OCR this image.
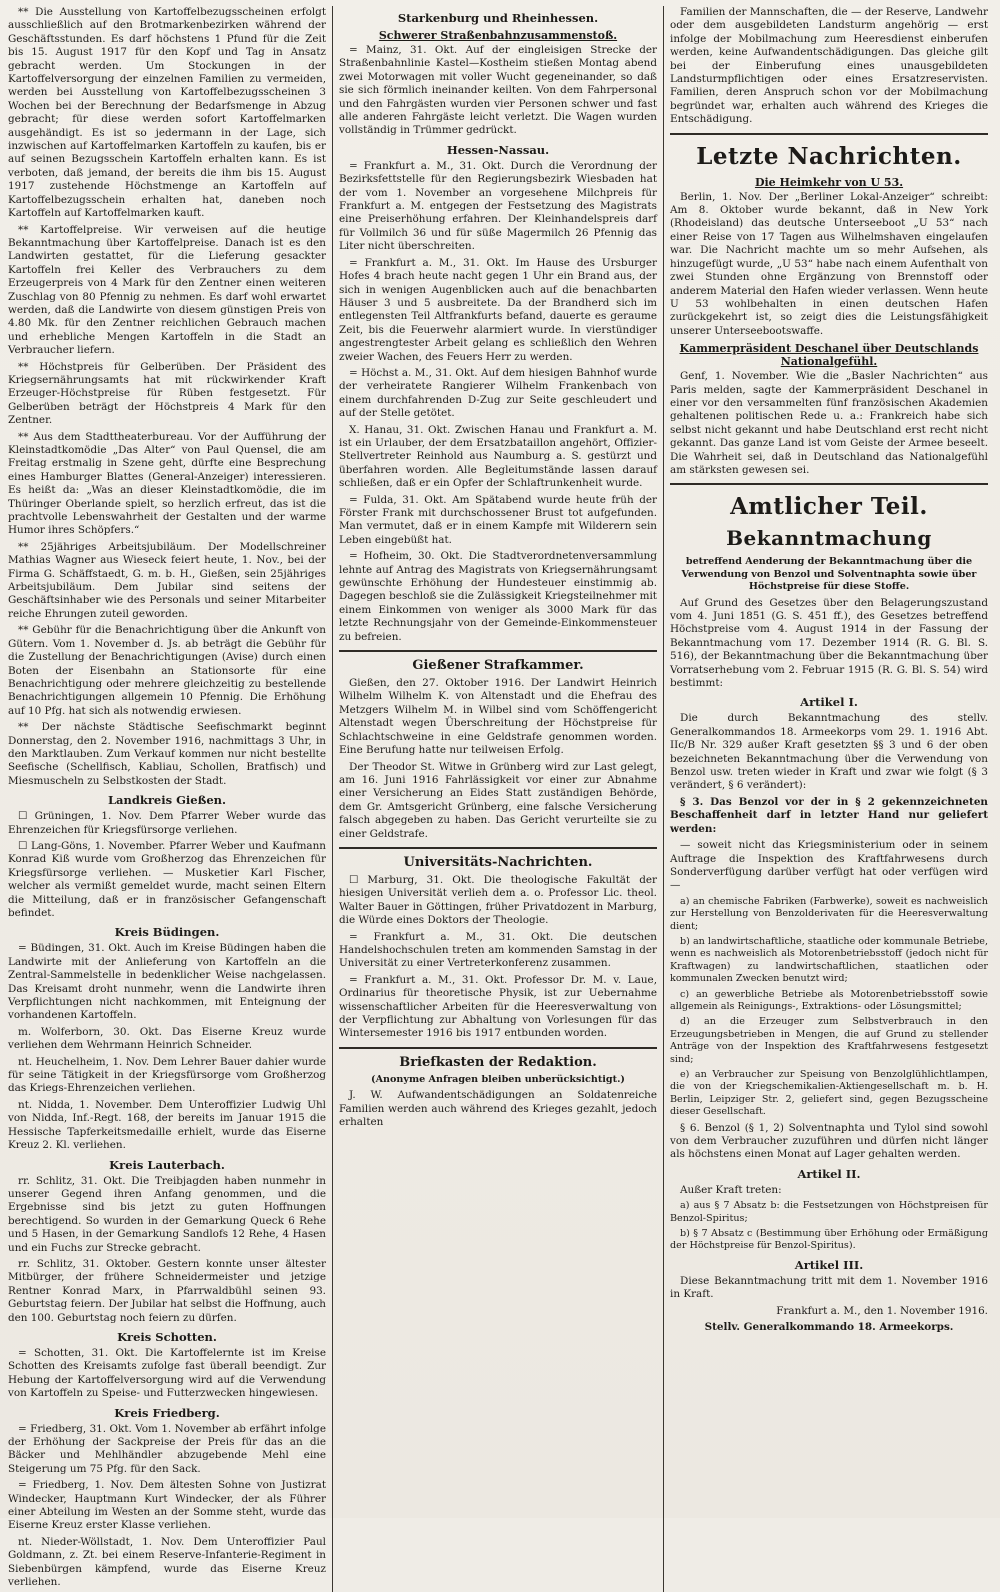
** Die Ausstellung von Kartoffelbezugsscheinen erfolgt ausschließlich auf den Brotmarkenbezirken während der Geschäftsstunden. Es darf höchstens 1 Pfund für die Zeit bis 15. August 1917 für den Kopf und Tag in Ansatz gebracht werden. Um Stockungen in der Kartoffelversorgung der einzelnen Familien zu vermeiden, werden bei Ausstellung von Kartoffelbezugsscheinen 3 Wochen bei der Berechnung der Bedarfsmenge in Abzug gebracht; für diese werden sofort Kartoffelmarken ausgehändigt. Es ist so jedermann in der Lage, sich inzwischen auf Kartoffelmarken Kartoffeln zu kaufen, bis er auf seinen Bezugsschein Kartoffeln erhalten kann. Es ist verboten, daß jemand, der bereits die ihm bis 15. August 1917 zustehende Höchstmenge an Kartoffeln auf Kartoffelbezugsschein erhalten hat, daneben noch Kartoffeln auf Kartoffelmarken kauft.

** Kartoffelpreise. Wir verweisen auf die heutige Bekanntmachung über Kartoffelpreise. Danach ist es den Landwirten gestattet, für die Lieferung gesackter Kartoffeln frei Keller des Verbrauchers zu dem Erzeugerpreis von 4 Mark für den Zentner einen weiteren Zuschlag von 80 Pfennig zu nehmen. Es darf wohl erwartet werden, daß die Landwirte von diesem günstigen Preis von 4.80 Mk. für den Zentner reichlichen Gebrauch machen und erhebliche Mengen Kartoffeln in die Stadt an Verbraucher liefern.

** Höchstpreis für Gelberüben. Der Präsident des Kriegsernährungsamts hat mit rückwirkender Kraft Erzeuger-Höchstpreise für Rüben festgesetzt. Für Gelberüben beträgt der Höchstpreis 4 Mark für den Zentner.

** Aus dem Stadttheaterbureau. Vor der Aufführung der Kleinstadtkomödie „Das Alter“ von Paul Quensel, die am Freitag erstmalig in Szene geht, dürfte eine Besprechung eines Hamburger Blattes (General-Anzeiger) interessieren. Es heißt da: „Was an dieser Kleinstadtkomödie, die im Thüringer Oberlande spielt, so herzlich erfreut, das ist die prachtvolle Lebenswahrheit der Gestalten und der warme Humor ihres Schöpfers.“

** 25jähriges Arbeitsjubiläum. Der Modellschreiner Mathias Wagner aus Wieseck feiert heute, 1. Nov., bei der Firma G. Schäffstaedt, G. m. b. H., Gießen, sein 25jähriges Arbeitsjubiläum. Dem Jubilar sind seitens der Geschäftsinhaber wie des Personals und seiner Mitarbeiter reiche Ehrungen zuteil geworden.

** Gebühr für die Benachrichtigung über die Ankunft von Gütern. Vom 1. November d. Js. ab beträgt die Gebühr für die Zustellung der Benachrichtigungen (Avise) durch einen Boten der Eisenbahn an Stationsorte für eine Benachrichtigung oder mehrere gleichzeitig zu bestellende Benachrichtigungen allgemein 10 Pfennig. Die Erhöhung auf 10 Pfg. hat sich als notwendig erwiesen.

** Der nächste Städtische Seefischmarkt beginnt Donnerstag, den 2. November 1916, nachmittags 3 Uhr, in den Marktlauben. Zum Verkauf kommen nur nicht bestellte Seefische (Schellfisch, Kabliau, Schollen, Bratfisch) und Miesmuscheln zu Selbstkosten der Stadt.

Landkreis Gießen.

☐ Grüningen, 1. Nov. Dem Pfarrer Weber wurde das Ehrenzeichen für Kriegsfürsorge verliehen.

☐ Lang-Göns, 1. November. Pfarrer Weber und Kaufmann Konrad Kiß wurde vom Großherzog das Ehrenzeichen für Kriegsfürsorge verliehen. — Musketier Karl Fischer, welcher als vermißt gemeldet wurde, macht seinen Eltern die Mitteilung, daß er in französischer Gefangenschaft befindet.

Kreis Büdingen.

= Büdingen, 31. Okt. Auch im Kreise Büdingen haben die Landwirte mit der Anlieferung von Kartoffeln an die Zentral-Sammelstelle in bedenklicher Weise nachgelassen. Das Kreisamt droht nunmehr, wenn die Landwirte ihren Verpflichtungen nicht nachkommen, mit Enteignung der vorhandenen Kartoffeln.

m. Wolferborn, 30. Okt. Das Eiserne Kreuz wurde verliehen dem Wehrmann Heinrich Schneider.

nt. Heuchelheim, 1. Nov. Dem Lehrer Bauer dahier wurde für seine Tätigkeit in der Kriegsfürsorge vom Großherzog das Kriegs-Ehrenzeichen verliehen.

nt. Nidda, 1. November. Dem Unteroffizier Ludwig Uhl von Nidda, Inf.-Regt. 168, der bereits im Januar 1915 die Hessische Tapferkeitsmedaille erhielt, wurde das Eiserne Kreuz 2. Kl. verliehen.

Kreis Lauterbach.

rr. Schlitz, 31. Okt. Die Treibjagden haben nunmehr in unserer Gegend ihren Anfang genommen, und die Ergebnisse sind bis jetzt zu guten Hoffnungen berechtigend. So wurden in der Gemarkung Queck 6 Rehe und 5 Hasen, in der Gemarkung Sandlofs 12 Rehe, 4 Hasen und ein Fuchs zur Strecke gebracht.

rr. Schlitz, 31. Oktober. Gestern konnte unser ältester Mitbürger, der frühere Schneidermeister und jetzige Rentner Konrad Marx, in Pfarrwaldbühl seinen 93. Geburtstag feiern. Der Jubilar hat selbst die Hoffnung, auch den 100. Geburtstag noch feiern zu dürfen.

Kreis Schotten.

= Schotten, 31. Okt. Die Kartoffelernte ist im Kreise Schotten des Kreisamts zufolge fast überall beendigt. Zur Hebung der Kartoffelversorgung wird auf die Verwendung von Kartoffeln zu Speise- und Futterzwecken hingewiesen.

Kreis Friedberg.

= Friedberg, 31. Okt. Vom 1. November ab erfährt infolge der Erhöhung der Sackpreise der Preis für das an die Bäcker und Mehlhändler abzugebende Mehl eine Steigerung um 75 Pfg. für den Sack.

= Friedberg, 1. Nov. Dem ältesten Sohne von Justizrat Windecker, Hauptmann Kurt Windecker, der als Führer einer Abteilung im Westen an der Somme steht, wurde das Eiserne Kreuz erster Klasse verliehen.

nt. Nieder-Wöllstadt, 1. Nov. Dem Unteroffizier Paul Goldmann, z. Zt. bei einem Reserve-Infanterie-Regiment in Siebenbürgen kämpfend, wurde das Eiserne Kreuz verliehen.

Starkenburg und Rheinhessen.
Schwerer Straßenbahnzusammenstoß.

= Mainz, 31. Okt. Auf der eingleisigen Strecke der Straßenbahnlinie Kastel—Kostheim stießen Montag abend zwei Motorwagen mit voller Wucht gegeneinander, so daß sie sich förmlich ineinander keilten. Von dem Fahrpersonal und den Fahrgästen wurden vier Personen schwer und fast alle anderen Fahrgäste leicht verletzt. Die Wagen wurden vollständig in Trümmer gedrückt.

Hessen-Nassau.

= Frankfurt a. M., 31. Okt. Durch die Verordnung der Bezirksfettstelle für den Regierungsbezirk Wiesbaden hat der vom 1. November an vorgesehene Milchpreis für Frankfurt a. M. entgegen der Festsetzung des Magistrats eine Preiserhöhung erfahren. Der Kleinhandelspreis darf für Vollmilch 36 und für süße Magermilch 26 Pfennig das Liter nicht überschreiten.

= Frankfurt a. M., 31. Okt. Im Hause des Ursburger Hofes 4 brach heute nacht gegen 1 Uhr ein Brand aus, der sich in wenigen Augenblicken auch auf die benachbarten Häuser 3 und 5 ausbreitete. Da der Brandherd sich im entlegensten Teil Altfrankfurts befand, dauerte es geraume Zeit, bis die Feuerwehr alarmiert wurde. In vierstündiger angestrengtester Arbeit gelang es schließlich den Wehren zweier Wachen, des Feuers Herr zu werden.

= Höchst a. M., 31. Okt. Auf dem hiesigen Bahnhof wurde der verheiratete Rangierer Wilhelm Frankenbach von einem durchfahrenden D-Zug zur Seite geschleudert und auf der Stelle getötet.

X. Hanau, 31. Okt. Zwischen Hanau und Frankfurt a. M. ist ein Urlauber, der dem Ersatzbataillon angehört, Offizier-Stellvertreter Reinhold aus Naumburg a. S. gestürzt und überfahren worden. Alle Begleitumstände lassen darauf schließen, daß er ein Opfer der Schlaftrunkenheit wurde.

= Fulda, 31. Okt. Am Spätabend wurde heute früh der Förster Frank mit durchschossener Brust tot aufgefunden. Man vermutet, daß er in einem Kampfe mit Wilderern sein Leben eingebüßt hat.

= Hofheim, 30. Okt. Die Stadtverordnetenversammlung lehnte auf Antrag des Magistrats von Kriegsernährungsamt gewünschte Erhöhung der Hundesteuer einstimmig ab. Dagegen beschloß sie die Zulässigkeit Kriegsteilnehmer mit einem Einkommen von weniger als 3000 Mark für das letzte Rechnungsjahr von der Gemeinde-Einkommensteuer zu befreien.

Gießener Strafkammer.

Gießen, den 27. Oktober 1916. Der Landwirt Heinrich Wilhelm Wilhelm K. von Altenstadt und die Ehefrau des Metzgers Wilhelm M. in Wilbel sind vom Schöffengericht Altenstadt wegen Überschreitung der Höchstpreise für Schlachtschweine in eine Geldstrafe genommen worden. Eine Berufung hatte nur teilweisen Erfolg.

Der Theodor St. Witwe in Grünberg wird zur Last gelegt, am 16. Juni 1916 Fahrlässigkeit vor einer zur Abnahme einer Versicherung an Eides Statt zuständigen Behörde, dem Gr. Amtsgericht Grünberg, eine falsche Versicherung falsch abgegeben zu haben. Das Gericht verurteilte sie zu einer Geldstrafe.

Universitäts-Nachrichten.

☐ Marburg, 31. Okt. Die theologische Fakultät der hiesigen Universität verlieh dem a. o. Professor Lic. theol. Walter Bauer in Göttingen, früher Privatdozent in Marburg, die Würde eines Doktors der Theologie.

= Frankfurt a. M., 31. Okt. Die deutschen Handelshochschulen treten am kommenden Samstag in der Universität zu einer Vertreterkonferenz zusammen.

= Frankfurt a. M., 31. Okt. Professor Dr. M. v. Laue, Ordinarius für theoretische Physik, ist zur Uebernahme wissenschaftlicher Arbeiten für die Heeresverwaltung von der Verpflichtung zur Abhaltung von Vorlesungen für das Wintersemester 1916 bis 1917 entbunden worden.

Briefkasten der Redaktion.

(Anonyme Anfragen bleiben unberücksichtigt.)

J. W. Aufwandentschädigungen an Soldatenreiche Familien werden auch während des Krieges gezahlt, jedoch erhalten

Familien der Mannschaften, die — der Reserve, Landwehr oder dem ausgebildeten Landsturm angehörig — erst infolge der Mobilmachung zum Heeresdienst einberufen werden, keine Aufwandentschädigungen. Das gleiche gilt bei der Einberufung eines unausgebildeten Landsturmpflichtigen oder eines Ersatzreservisten. Familien, deren Anspruch schon vor der Mobilmachung begründet war, erhalten auch während des Krieges die Entschädigung.

Letzte Nachrichten.
Die Heimkehr von U 53.

Berlin, 1. Nov. Der „Berliner Lokal-Anzeiger“ schreibt: Am 8. Oktober wurde bekannt, daß in New York (Rhodeisland) das deutsche Unterseeboot „U 53“ nach einer Reise von 17 Tagen aus Wilhelmshaven eingelaufen war. Die Nachricht machte um so mehr Aufsehen, als hinzugefügt wurde, „U 53“ habe nach einem Aufenthalt von zwei Stunden ohne Ergänzung von Brennstoff oder anderem Material den Hafen wieder verlassen. Wenn heute U 53 wohlbehalten in einen deutschen Hafen zurückgekehrt ist, so zeigt dies die Leistungsfähigkeit unserer Unterseebootswaffe.

Kammerpräsident Deschanel über Deutschlands Nationalgefühl.

Genf, 1. November. Wie die „Basler Nachrichten“ aus Paris melden, sagte der Kammerpräsident Deschanel in einer vor den versammelten fünf französischen Akademien gehaltenen politischen Rede u. a.: Frankreich habe sich selbst nicht gekannt und habe Deutschland erst recht nicht gekannt. Das ganze Land ist vom Geiste der Armee beseelt. Die Wahrheit sei, daß in Deutschland das Nationalgefühl am stärksten gewesen sei.

Amtlicher Teil.
Bekanntmachung

betreffend Aenderung der Bekanntmachung über die Verwendung von Benzol und Solventnaphta sowie über Höchstpreise für diese Stoffe.

Auf Grund des Gesetzes über den Belagerungszustand vom 4. Juni 1851 (G. S. 451 ff.), des Gesetzes betreffend Höchstpreise vom 4. August 1914 in der Fassung der Bekanntmachung vom 17. Dezember 1914 (R. G. Bl. S. 516), der Bekanntmachung über die Bekanntmachung über Vorratserhebung vom 2. Februar 1915 (R. G. Bl. S. 54) wird bestimmt:

Artikel I.

Die durch Bekanntmachung des stellv. Generalkommandos 18. Armeekorps vom 29. 1. 1916 Abt. IIc/B Nr. 329 außer Kraft gesetzten §§ 3 und 6 der oben bezeichneten Bekanntmachung über die Verwendung von Benzol usw. treten wieder in Kraft und zwar wie folgt (§ 3 verändert, § 6 verändert):

§ 3. Das Benzol vor der in § 2 gekennzeichneten Beschaffenheit darf in letzter Hand nur geliefert werden:

— soweit nicht das Kriegsministerium oder in seinem Auftrage die Inspektion des Kraftfahrwesens durch Sonderverfügung darüber verfügt hat oder verfügen wird —

a) an chemische Fabriken (Farbwerke), soweit es nachweislich zur Herstellung von Benzolderivaten für die Heeresverwaltung dient;

b) an landwirtschaftliche, staatliche oder kommunale Betriebe, wenn es nachweislich als Motorenbetriebsstoff (jedoch nicht für Kraftwagen) zu landwirtschaftlichen, staatlichen oder kommunalen Zwecken benutzt wird;

c) an gewerbliche Betriebe als Motorenbetriebsstoff sowie allgemein als Reinigungs-, Extraktions- oder Lösungsmittel;

d) an die Erzeuger zum Selbstverbrauch in den Erzeugungsbetrieben in Mengen, die auf Grund zu stellender Anträge von der Inspektion des Kraftfahrwesens festgesetzt sind;

e) an Verbraucher zur Speisung von Benzolglühlichtlampen, die von der Kriegschemikalien-Aktiengesellschaft m. b. H. Berlin, Leipziger Str. 2, geliefert sind, gegen Bezugsscheine dieser Gesellschaft.

§ 6. Benzol (§ 1, 2) Solventnaphta und Tylol sind sowohl von dem Verbraucher zuzuführen und dürfen nicht länger als höchstens einen Monat auf Lager gehalten werden.

Artikel II.

Außer Kraft treten:

a) aus § 7 Absatz b: die Festsetzungen von Höchstpreisen für Benzol-Spiritus;

b) § 7 Absatz c (Bestimmung über Erhöhung oder Ermäßigung der Höchstpreise für Benzol-Spiritus).

Artikel III.

Diese Bekanntmachung tritt mit dem 1. November 1916 in Kraft.

Frankfurt a. M., den 1. November 1916.

Stellv. Generalkommando 18. Armeekorps.
